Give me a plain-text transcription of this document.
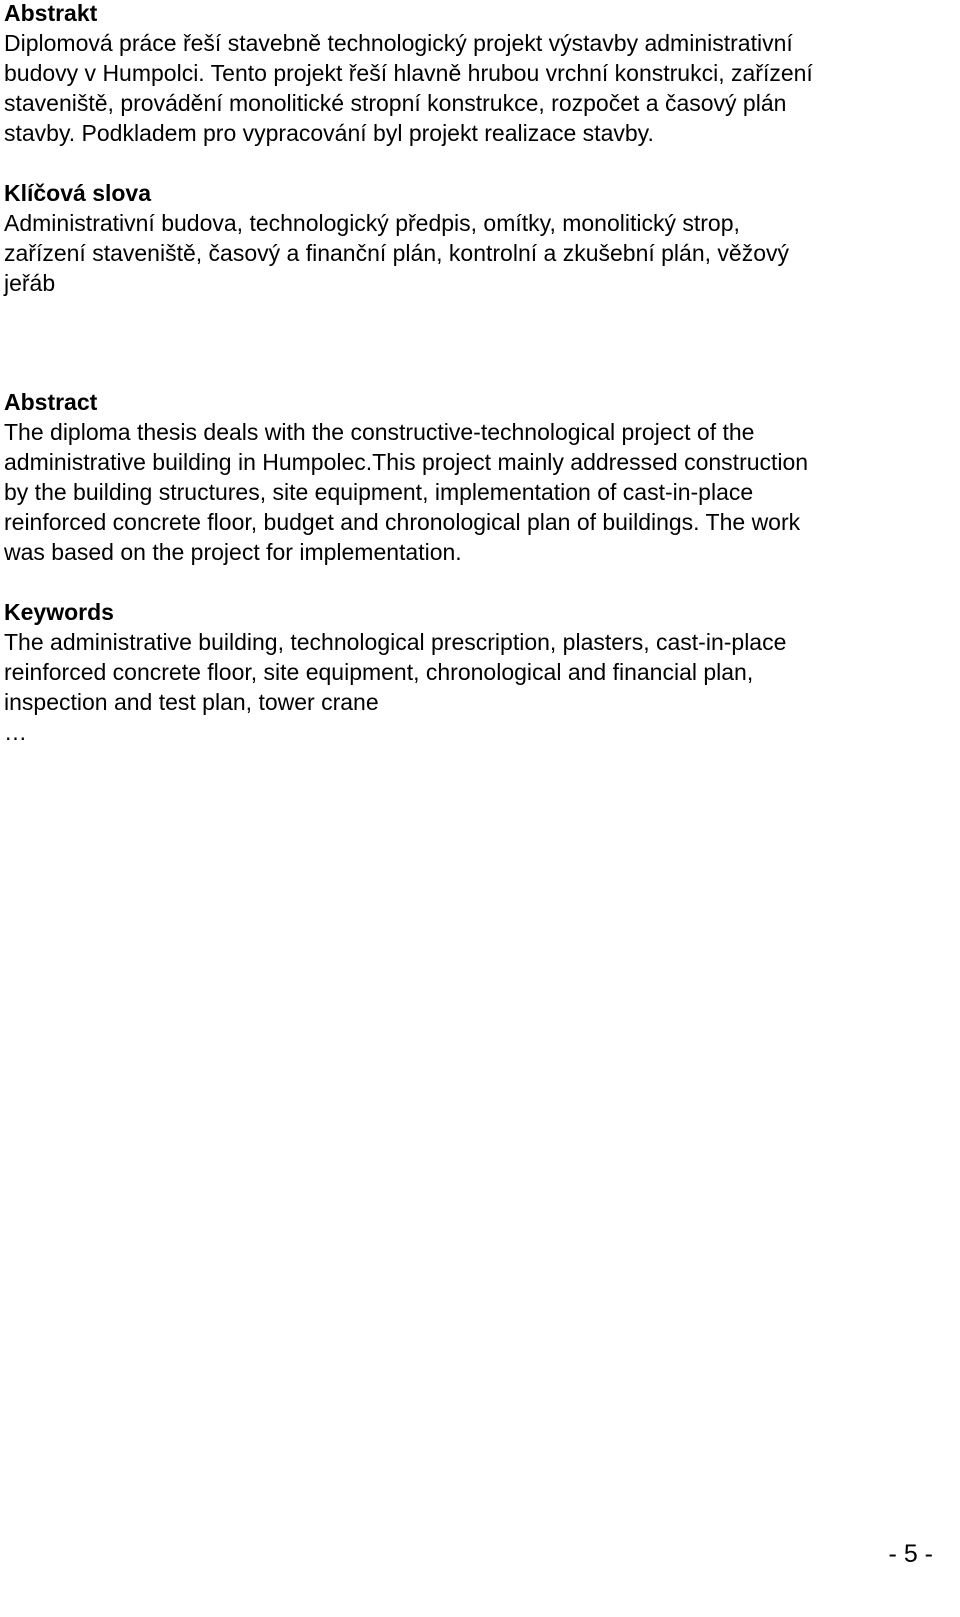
Abstrakt
Diplomová práce řeší stavebně technologický projekt výstavby administrativní
budovy v Humpolci. Tento projekt řeší hlavně hrubou vrchní konstrukci, zařízení
staveniště, provádění monolitické stropní konstrukce, rozpočet a časový plán
stavby. Podkladem pro vypracování byl projekt realizace stavby.
Klíčová slova
Administrativní budova, technologický předpis, omítky, monolitický strop,
zařízení staveniště, časový a finanční plán, kontrolní a zkušební plán, věžový
jeřáb
Abstract
The diploma thesis deals with the constructive-technological project of the
administrative building in Humpolec.This project mainly addressed construction
by the building structures, site equipment, implementation of cast-in-place
reinforced concrete floor, budget and chronological plan of buildings. The work
was based on the project for implementation.
Keywords
The administrative building, technological prescription, plasters, cast-in-place
reinforced concrete floor, site equipment, chronological and financial plan,
inspection and test plan, tower crane
…
- 5 -
